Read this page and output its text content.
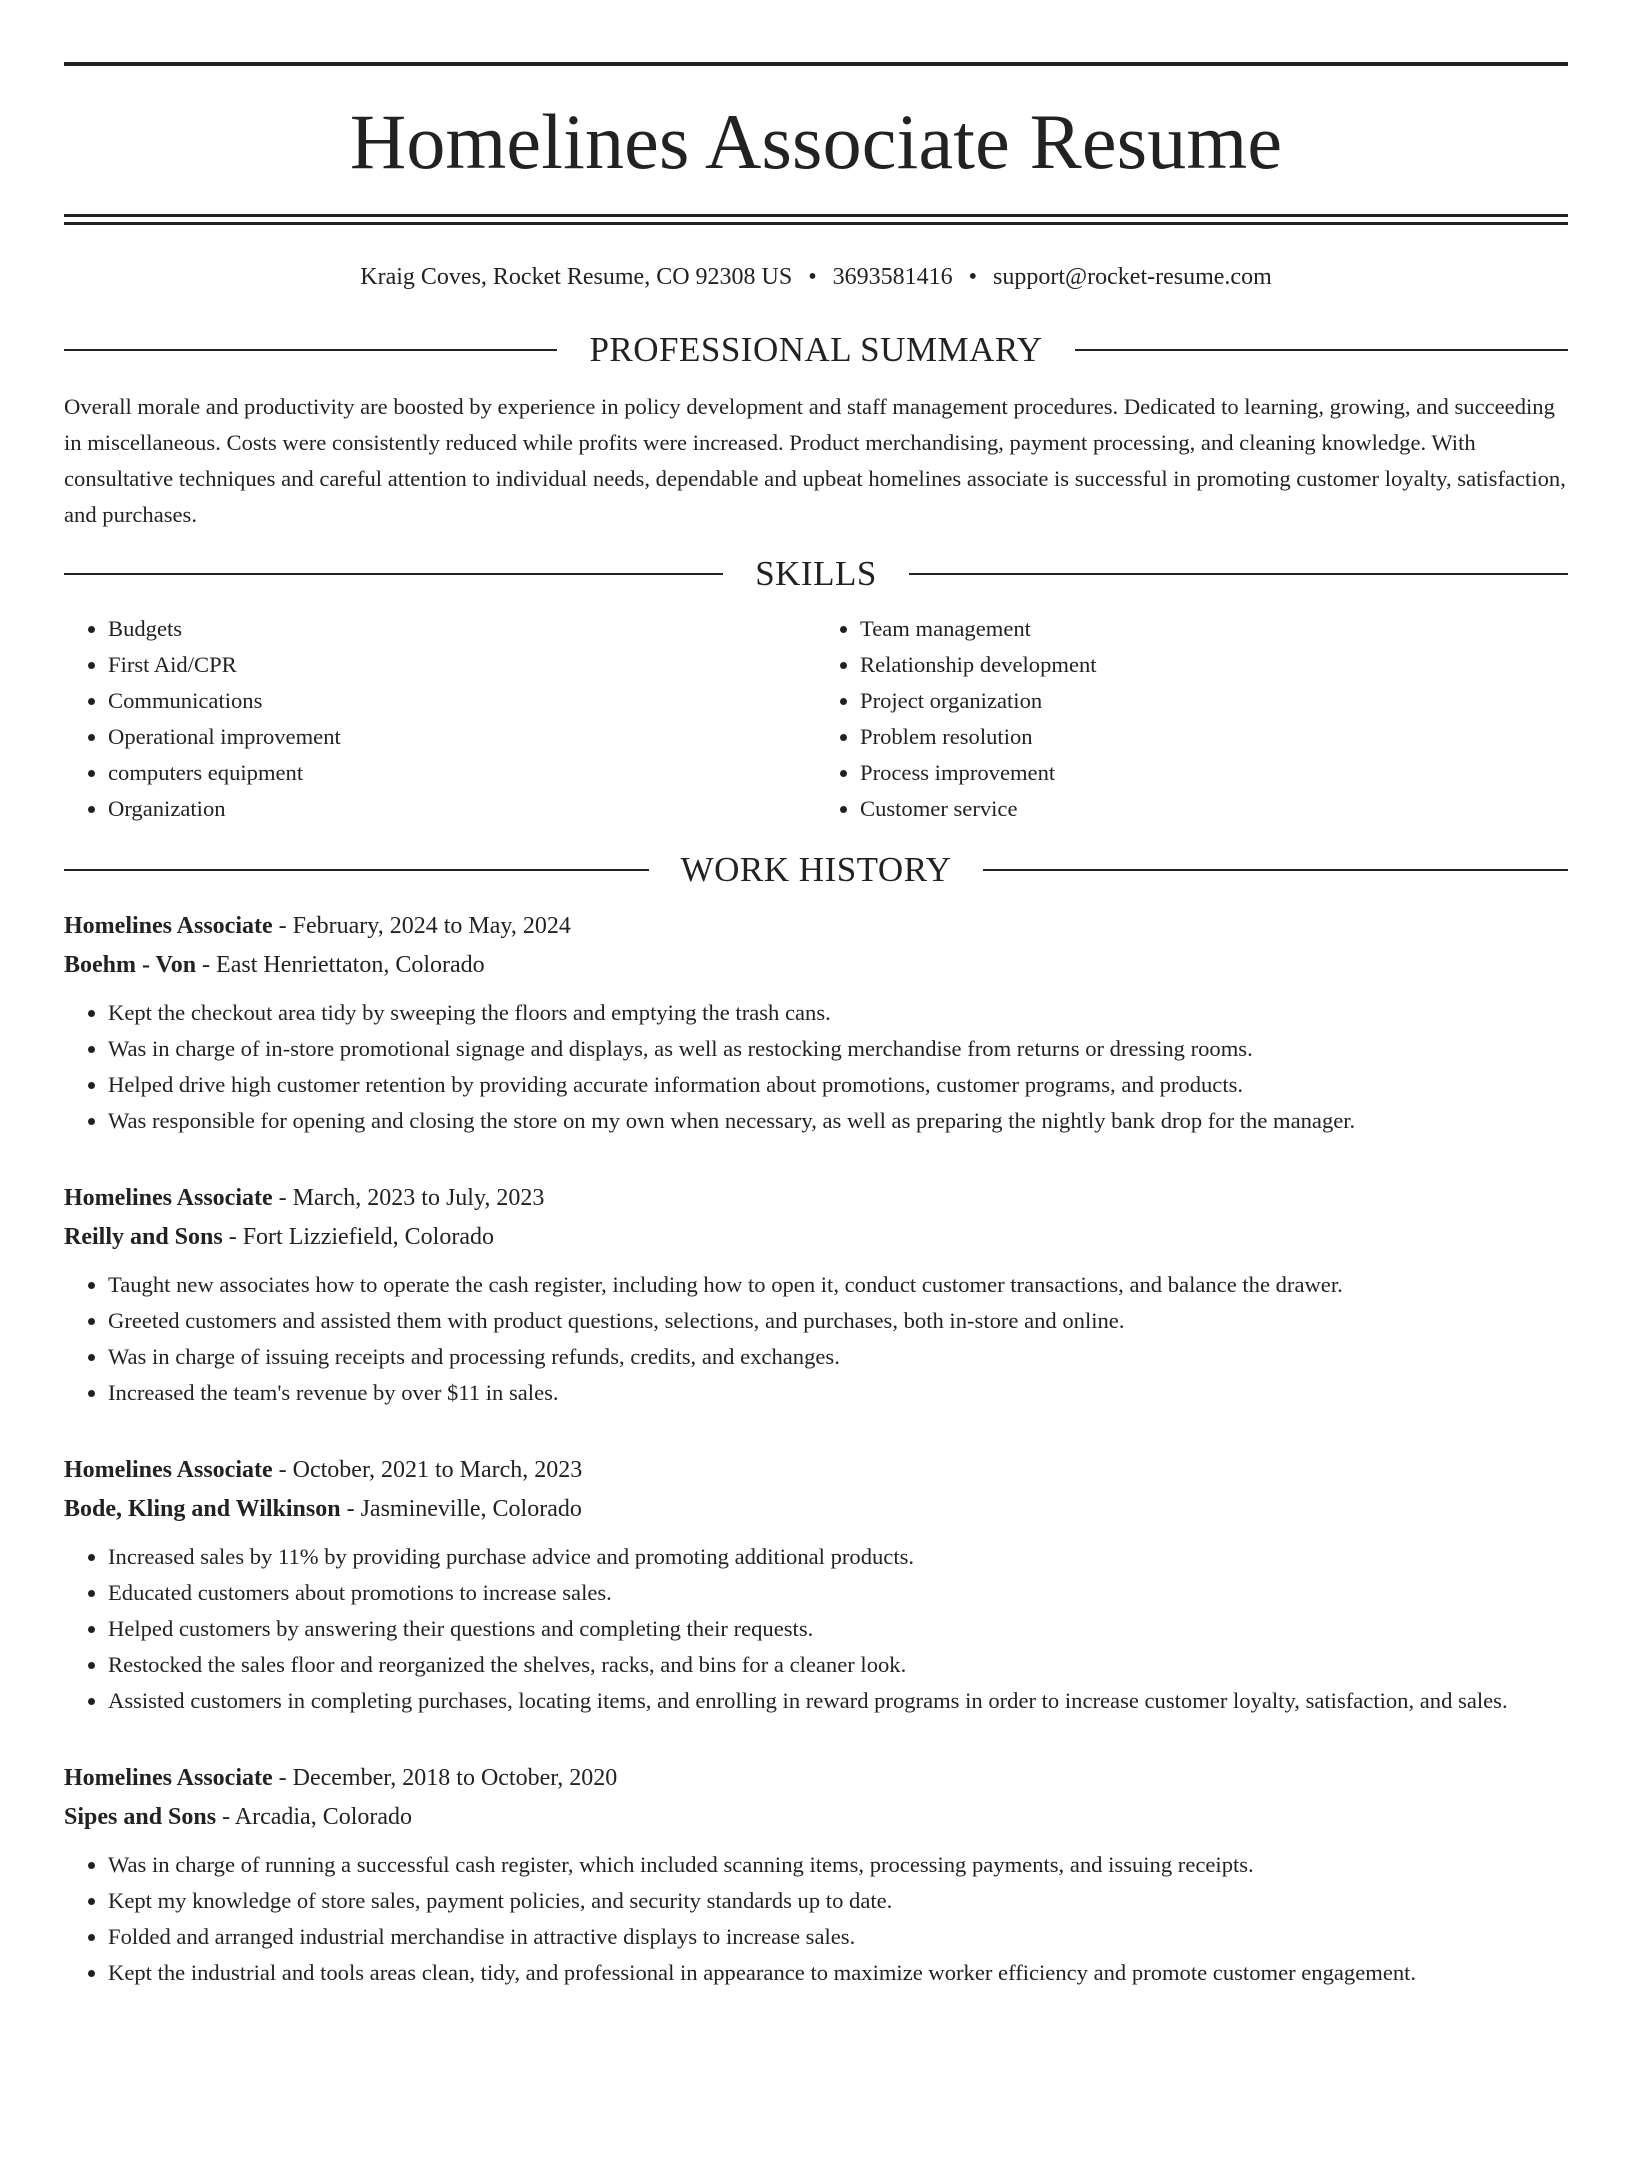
Homelines Associate Resume
Kraig Coves, Rocket Resume, CO 92308 US • 3693581416 • support@rocket-resume.com
PROFESSIONAL SUMMARY
Overall morale and productivity are boosted by experience in policy development and staff management procedures. Dedicated to learning, growing, and succeeding in miscellaneous. Costs were consistently reduced while profits were increased. Product merchandising, payment processing, and cleaning knowledge. With consultative techniques and careful attention to individual needs, dependable and upbeat homelines associate is successful in promoting customer loyalty, satisfaction, and purchases.
SKILLS
• Budgets
• First Aid/CPR
• Communications
• Operational improvement
• computers equipment
• Organization
• Team management
• Relationship development
• Project organization
• Problem resolution
• Process improvement
• Customer service
WORK HISTORY
Homelines Associate - February, 2024 to May, 2024
Boehm - Von - East Henriettaton, Colorado
• Kept the checkout area tidy by sweeping the floors and emptying the trash cans.
• Was in charge of in-store promotional signage and displays, as well as restocking merchandise from returns or dressing rooms.
• Helped drive high customer retention by providing accurate information about promotions, customer programs, and products.
• Was responsible for opening and closing the store on my own when necessary, as well as preparing the nightly bank drop for the manager.
Homelines Associate - March, 2023 to July, 2023
Reilly and Sons - Fort Lizziefield, Colorado
• Taught new associates how to operate the cash register, including how to open it, conduct customer transactions, and balance the drawer.
• Greeted customers and assisted them with product questions, selections, and purchases, both in-store and online.
• Was in charge of issuing receipts and processing refunds, credits, and exchanges.
• Increased the team's revenue by over $11 in sales.
Homelines Associate - October, 2021 to March, 2023
Bode, Kling and Wilkinson - Jasmineville, Colorado
• Increased sales by 11% by providing purchase advice and promoting additional products.
• Educated customers about promotions to increase sales.
• Helped customers by answering their questions and completing their requests.
• Restocked the sales floor and reorganized the shelves, racks, and bins for a cleaner look.
• Assisted customers in completing purchases, locating items, and enrolling in reward programs in order to increase customer loyalty, satisfaction, and sales.
Homelines Associate - December, 2018 to October, 2020
Sipes and Sons - Arcadia, Colorado
• Was in charge of running a successful cash register, which included scanning items, processing payments, and issuing receipts.
• Kept my knowledge of store sales, payment policies, and security standards up to date.
• Folded and arranged industrial merchandise in attractive displays to increase sales.
• Kept the industrial and tools areas clean, tidy, and professional in appearance to maximize worker efficiency and promote customer engagement.
